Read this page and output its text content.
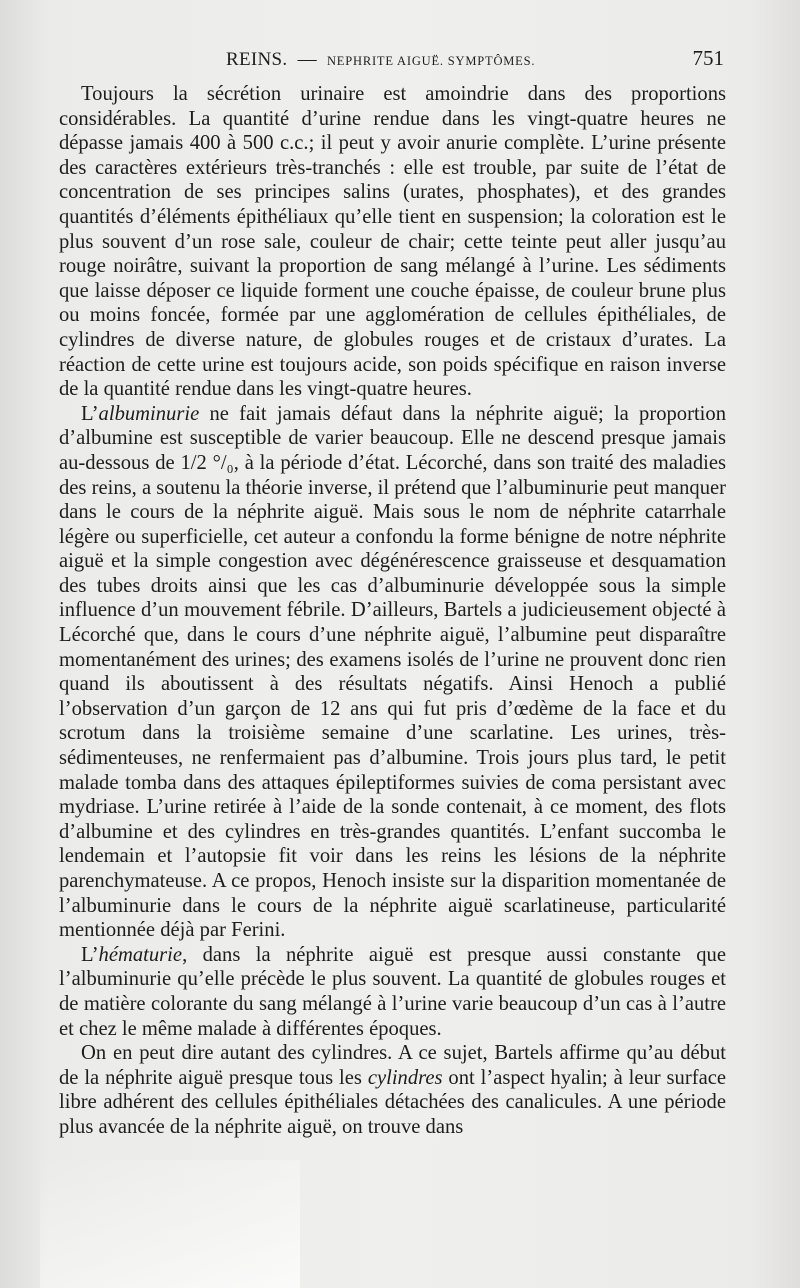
REINS. — NEPHRITE AIGUË. SYMPTÔMES.	751

Toujours la sécrétion urinaire est amoindrie dans des proportions considérables. La quantité d’urine rendue dans les vingt-quatre heures ne dépasse jamais 400 à 500 c.c.; il peut y avoir anurie complète. L’urine présente des caractères extérieurs très-tranchés : elle est trouble, par suite de l’état de concentration de ses principes salins (urates, phosphates), et des grandes quantités d’éléments épithéliaux qu’elle tient en suspension; la coloration est le plus souvent d’un rose sale, couleur de chair; cette teinte peut aller jusqu’au rouge noirâtre, suivant la proportion de sang mélangé à l’urine. Les sédiments que laisse déposer ce liquide forment une couche épaisse, de couleur brune plus ou moins foncée, formée par une agglomération de cellules épithéliales, de cylindres de diverse nature, de globules rouges et de cristaux d’urates. La réaction de cette urine est toujours acide, son poids spécifique en raison inverse de la quantité rendue dans les vingt-quatre heures.

L’albuminurie ne fait jamais défaut dans la néphrite aiguë; la proportion d’albumine est susceptible de varier beaucoup. Elle ne descend presque jamais au-dessous de 1/2 °/₀, à la période d’état. Lécorché, dans son traité des maladies des reins, a soutenu la théorie inverse, il prétend que l’albuminurie peut manquer dans le cours de la néphrite aiguë. Mais sous le nom de néphrite catarrhale légère ou superficielle, cet auteur a confondu la forme bénigne de notre néphrite aiguë et la simple congestion avec dégénérescence graisseuse et desquamation des tubes droits ainsi que les cas d’albuminurie développée sous la simple influence d’un mouvement fébrile. D’ailleurs, Bartels a judicieusement objecté à Lécorché que, dans le cours d’une néphrite aiguë, l’albumine peut disparaître momentanément des urines; des examens isolés de l’urine ne prouvent donc rien quand ils aboutissent à des résultats négatifs. Ainsi Henoch a publié l’observation d’un garçon de 12 ans qui fut pris d’œdème de la face et du scrotum dans la troisième semaine d’une scarlatine. Les urines, très-sédimenteuses, ne renfermaient pas d’albumine. Trois jours plus tard, le petit malade tomba dans des attaques épileptiformes suivies de coma persistant avec mydriase. L’urine retirée à l’aide de la sonde contenait, à ce moment, des flots d’albumine et des cylindres en très-grandes quantités. L’enfant succomba le lendemain et l’autopsie fit voir dans les reins les lésions de la néphrite parenchymateuse. A ce propos, Henoch insiste sur la disparition momentanée de l’albuminurie dans le cours de la néphrite aiguë scarlatineuse, particularité mentionnée déjà par Ferini.

L’hématurie, dans la néphrite aiguë est presque aussi constante que l’albuminurie qu’elle précède le plus souvent. La quantité de globules rouges et de matière colorante du sang mélangé à l’urine varie beaucoup d’un cas à l’autre et chez le même malade à différentes époques.

On en peut dire autant des cylindres. A ce sujet, Bartels affirme qu’au début de la néphrite aiguë presque tous les cylindres ont l’aspect hyalin; à leur surface libre adhérent des cellules épithéliales détachées des canalicules. A une période plus avancée de la néphrite aiguë, on trouve dans
